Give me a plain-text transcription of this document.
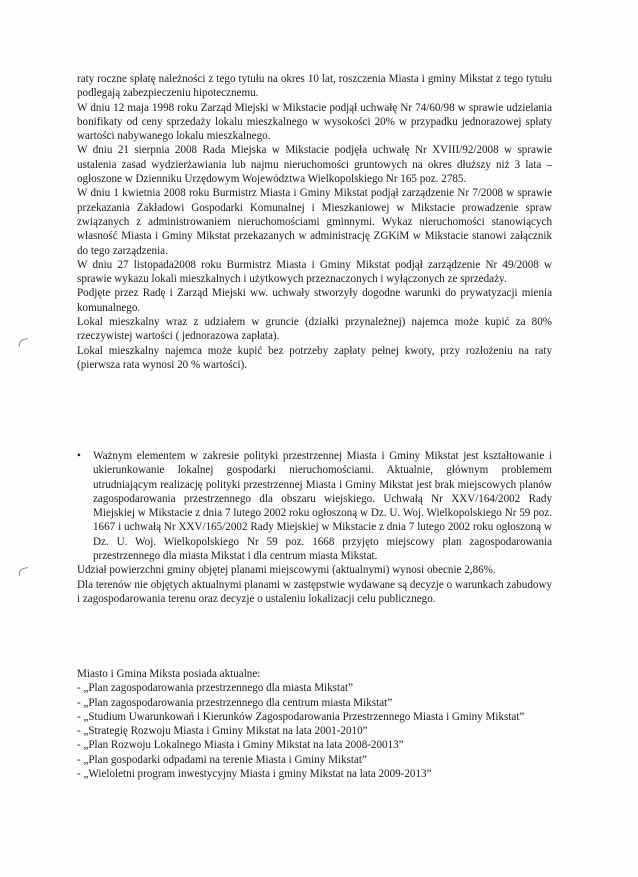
raty roczne spłatę należności z tego tytułu na okres 10 lat, roszczenia Miasta i gminy Mikstat z tego tytułu podlegają zabezpieczeniu hipotecznemu.

W dniu 12 maja 1998 roku Zarząd Miejski w Mikstacie podjął uchwałę Nr 74/60/98 w sprawie udzielania bonifikaty od ceny sprzedaży lokalu mieszkalnego w wysokości 20% w przypadku jednorazowej spłaty wartości nabywanego lokalu mieszkalnego.

W dniu 21 sierpnia 2008 Rada Miejska w Mikstacie podjęła uchwałę Nr XVIII/92/2008 w sprawie ustalenia zasad wydzierżawiania lub najmu nieruchomości gruntowych na okres dłuższy niż 3 lata – ogłoszone w Dzienniku Urzędowym Województwa Wielkopolskiego Nr 165 poz. 2785.

W dniu 1 kwietnia 2008 roku Burmistrz Miasta i Gminy Mikstat podjął zarządzenie Nr 7/2008 w sprawie przekazania Zakładowi Gospodarki Komunalnej i Mieszkaniowej w Mikstacie prowadzenie spraw związanych z administrowaniem nieruchomościami gminnymi. Wykaz nieruchomości stanowiących własność Miasta i Gminy Mikstat przekazanych w administrację ZGKiM w Mikstacie stanowi załącznik do tego zarządzenia.

W dniu 27 listopada2008 roku Burmistrz Miasta i Gminy Mikstat podjął zarządzenie Nr 49/2008 w sprawie wykazu lokali mieszkalnych i użytkowych przeznaczonych i wyłączonych ze sprzedaży.

Podjęte przez Radę i Zarząd Miejski ww. uchwały stworzyły dogodne warunki do prywatyzacji mienia komunalnego.

Lokal mieszkalny wraz z udziałem w gruncie (działki przynależnej) najemca może kupić za 80% rzeczywistej wartości ( jednorazowa zapłata).

Lokal mieszkalny najemca może kupić bez potrzeby zapłaty pełnej kwoty, przy rozłożeniu na raty (pierwsza rata wynosi 20 % wartości).

• Ważnym elementem w zakresie polityki przestrzennej Miasta i Gminy Mikstat jest kształtowanie i ukierunkowanie lokalnej gospodarki nieruchomościami. Aktualnie, głównym problemem utrudniającym realizację polityki przestrzennej Miasta i Gminy Mikstat jest brak miejscowych planów zagospodarowania przestrzennego dla obszaru wiejskiego. Uchwałą Nr XXV/164/2002 Rady Miejskiej w Mikstacie z dnia 7 lutego 2002 roku ogłoszoną w Dz. U. Woj. Wielkopolskiego Nr 59 poz. 1667 i uchwałą Nr XXV/165/2002 Rady Miejskiej w Mikstacie z dnia 7 lutego 2002 roku ogłoszoną w Dz. U. Woj. Wielkopolskiego Nr 59 poz. 1668 przyjęto miejscowy plan zagospodarowania przestrzennego dla miasta Mikstat i dla centrum miasta Mikstat.

Udział powierzchni gminy objętej planami miejscowymi (aktualnymi) wynosi obecnie 2,86%.

Dla terenów nie objętych aktualnymi planami w zastępstwie wydawane są decyzje o warunkach zabudowy i zagospodarowania terenu oraz decyzje o ustaleniu lokalizacji celu publicznego.

Miasto i Gmina Miksta posiada aktualne:

- „Plan zagospodarowania przestrzennego dla miasta Mikstat”
- „Plan zagospodarowania przestrzennego dla centrum miasta Mikstat”
- „Studium Uwarunkowań i Kierunków Zagospodarowania Przestrzennego Miasta i Gminy Mikstat”
- „Strategię Rozwoju Miasta i Gminy Mikstat na lata 2001-2010”
- „Plan Rozwoju Lokalnego Miasta i Gminy Mikstat na lata 2008-20013”
- „Plan gospodarki odpadami na terenie Miasta i Gminy Mikstat”
- „Wieloletni program inwestycyjny Miasta i gminy Mikstat na lata 2009-2013”
